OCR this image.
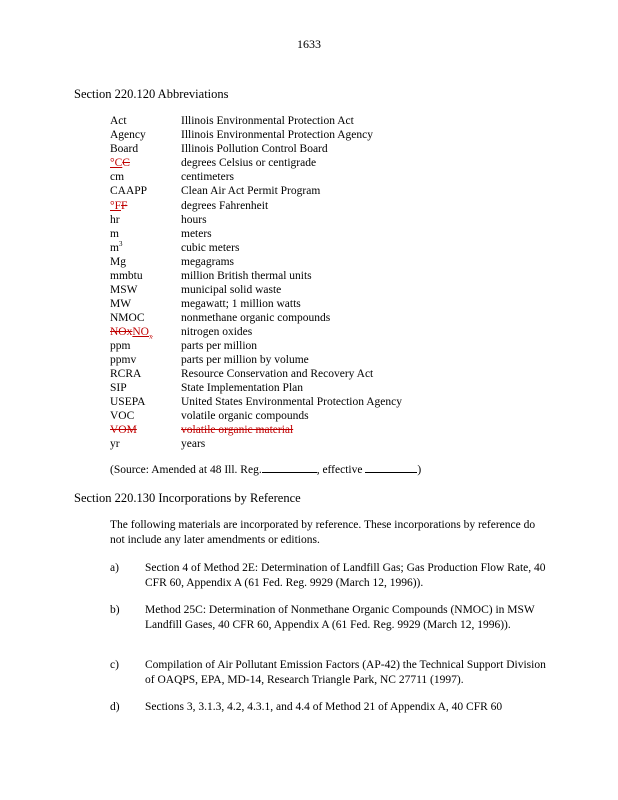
1633
Section 220.120 Abbreviations
Act	Illinois Environmental Protection Act
Agency	Illinois Environmental Protection Agency
Board	Illinois Pollution Control Board
°CC	degrees Celsius or centigrade
cm	centimeters
CAAPP	Clean Air Act Permit Program
°FF	degrees Fahrenheit
hr	hours
m	meters
$m^3$	cubic meters
Mg	megagrams
mmbtu	million British thermal units
MSW	municipal solid waste
MW	megawatt; 1 million watts
NMOC	nonmethane organic compounds
NOxNO$_x$ nitrogen oxides
ppm	parts per million
ppmv	parts per million by volume
RCRA	Resource Conservation and Recovery Act
SIP	State Implementation Plan
USEPA	United States Environmental Protection Agency
VOC	volatile organic compounds
VOM	volatile organic material
yr	years
(Source: Amended at 48 Ill. Reg.	, effective	)
Section 220.130 Incorporations by Reference
The following materials are incorporated by reference. These incorporations by reference do not include any later amendments or editions.
a) Section 4 of Method 2E: Determination of Landfill Gas; Gas Production Flow Rate, 40 CFR 60, Appendix A (61 Fed. Reg. 9929 (March 12, 1996)).
b) Method 25C: Determination of Nonmethane Organic Compounds (NMOC) in MSW Landfill Gases, 40 CFR 60, Appendix A (61 Fed. Reg. 9929 (March 12, 1996)).
c) Compilation of Air Pollutant Emission Factors (AP-42) the Technical Support Division of OAQPS, EPA, MD-14, Research Triangle Park, NC 27711 (1997).
d) Sections 3, 3.1.3, 4.2, 4.3.1, and 4.4 of Method 21 of Appendix A, 40 CFR 60
